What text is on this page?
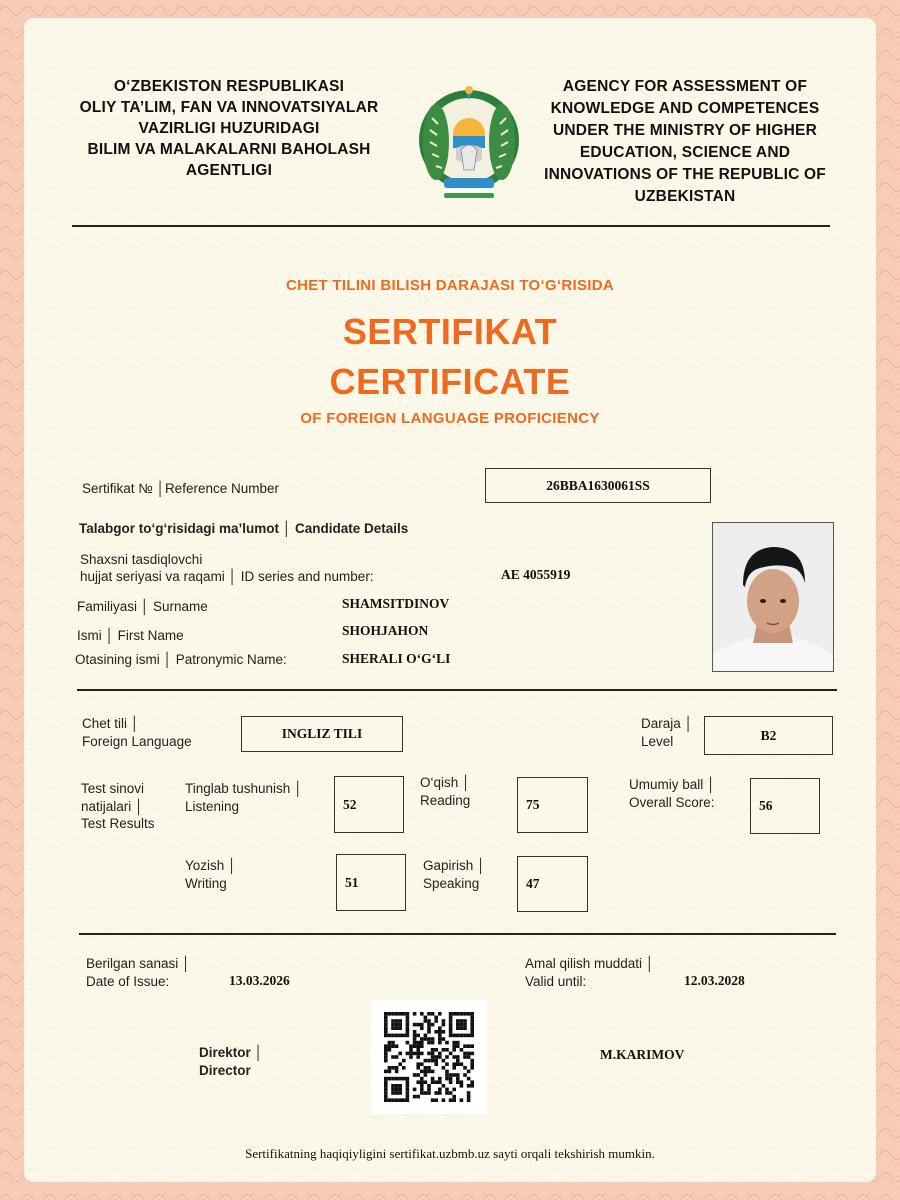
O‘ZBEKISTON RESPUBLIKASI
OLIY TA’LIM, FAN VA INNOVATSIYALAR
VAZIRLIGI HUZURIDAGI
BILIM VA MALAKALARNI BAHOLASH
AGENTLIGI
AGENCY FOR ASSESSMENT OF
KNOWLEDGE AND COMPETENCES
UNDER THE MINISTRY OF HIGHER
EDUCATION, SCIENCE AND
INNOVATIONS OF THE REPUBLIC OF
UZBEKISTAN
CHET TILINI BILISH DARAJASI TO‘G‘RISIDA
SERTIFIKAT
CERTIFICATE
OF FOREIGN LANGUAGE PROFICIENCY
Sertifikat № │Reference Number	26BBA1630061SS
Talabgor to‘g‘risidagi ma’lumot │ Candidate Details
Shaxsni tasdiqlovchi
hujjat seriyasi va raqami │ ID series and number:	AE 4055919
Familiyasi │ Surname	SHAMSITDINOV
Ismi │ First Name	SHOHJAHON
Otasining ismi │ Patronymic Name:	SHERALI O‘G‘LI
Chet tili │
Foreign Language
INGLIZ TILI
Daraja │
Level	B2
Test sinovi
natijalari │
Test Results
Tinglab tushunish │
Listening	52
O‘qish │
Reading	75
Umumiy ball │
Overall Score:	56
Yozish │
Writing	51
Gapirish │
Speaking	47
Berilgan sanasi │
Date of Issue:	13.03.2026
Amal qilish muddati │
Valid until:	12.03.2028
Direktor │
Director
M.KARIMOV
Sertifikatning haqiqiyligini sertifikat.uzbmb.uz sayti orqali tekshirish mumkin.
